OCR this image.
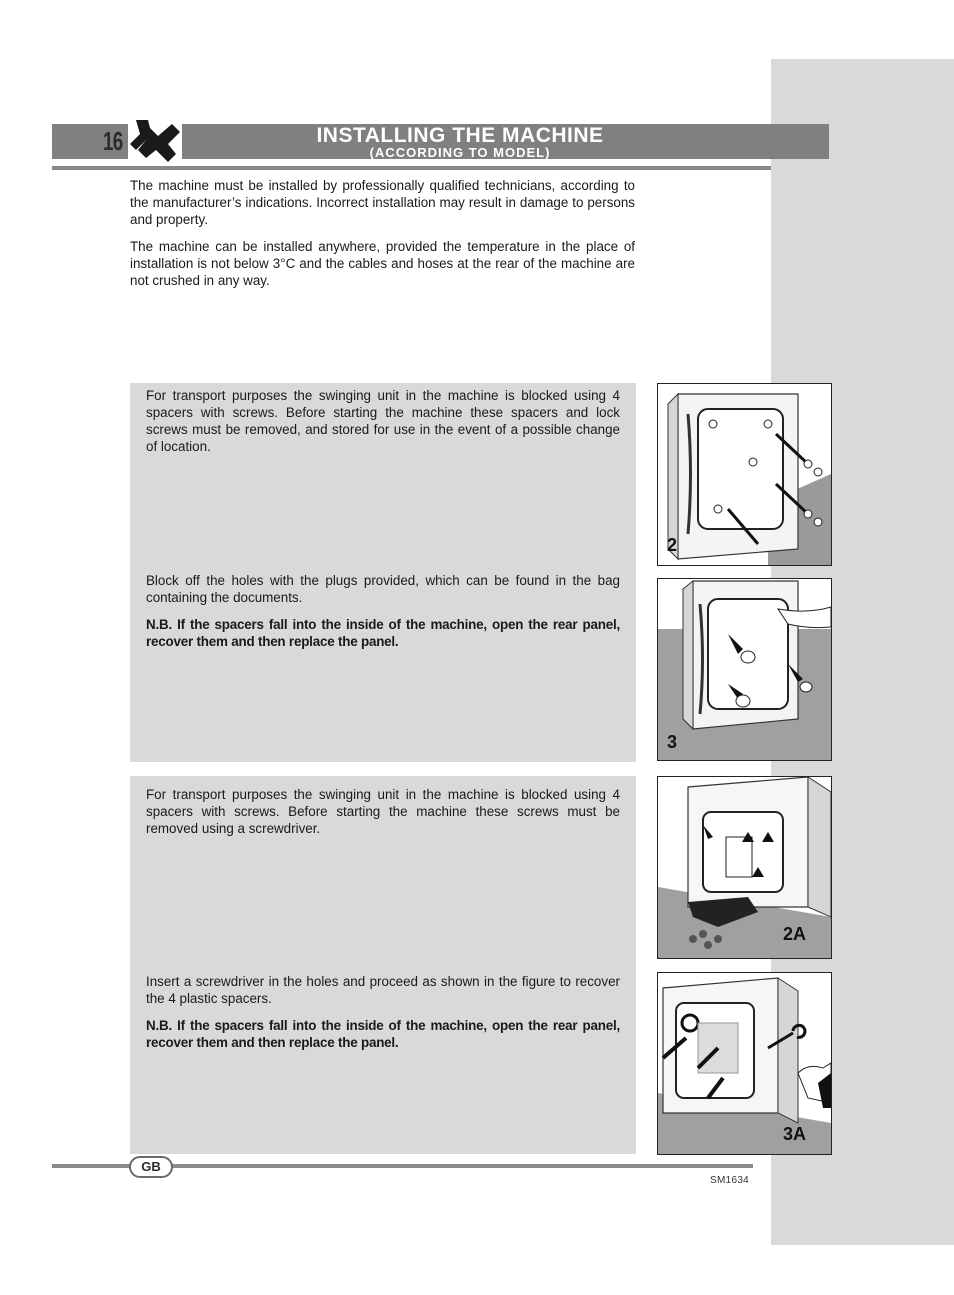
16	INSTALLING THE MACHINE
(ACCORDING TO MODEL)

The machine must be installed by professionally qualified technicians, according to the manufacturer’s indications. Incorrect installation may result in damage to persons and property.

The machine can be installed anywhere, provided the temperature in the place of installation is not below 3°C and the cables and hoses at the rear of the machine are not crushed in any way.

For transport purposes the swinging unit in the machine is blocked using 4 spacers with screws. Before starting the machine these spacers and lock screws must be removed, and stored for use in the event of a possible change of location.

Block off the holes with the plugs provided, which can be found in the bag containing the documents.

N.B. If the spacers fall into the inside of the machine, open the rear panel, recover them and then replace the panel.

2
3

For transport purposes the swinging unit in the machine is blocked using 4 spacers with screws. Before starting the machine these screws must be removed using a screwdriver.

Insert a screwdriver in the holes and proceed as shown in the figure to recover the 4 plastic spacers.

N.B. If the spacers fall into the inside of the machine, open the rear panel, recover them and then replace the panel.

2A
3A
GB
SM1634
